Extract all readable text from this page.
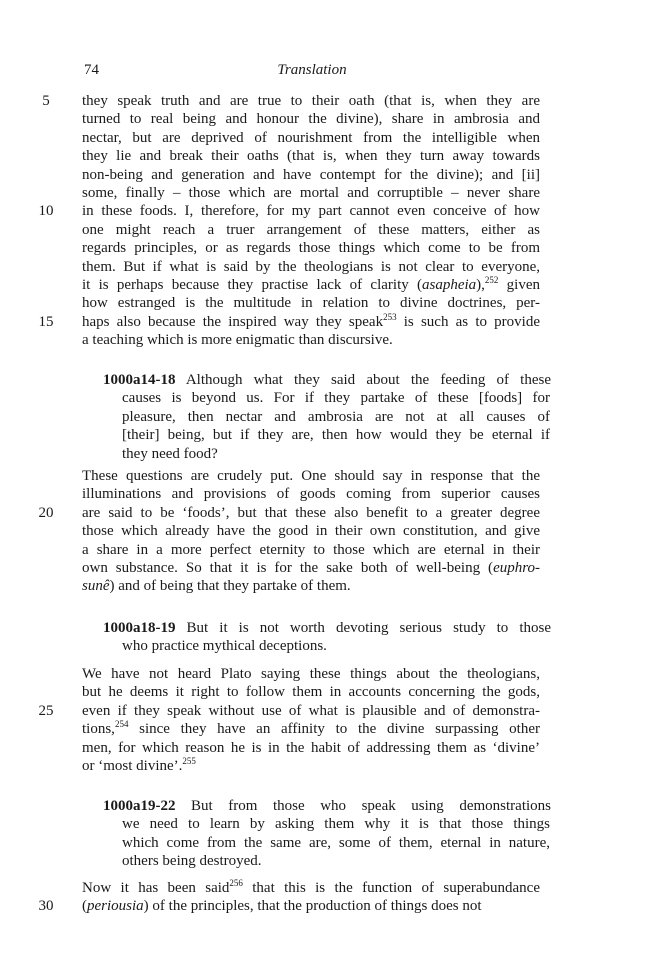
74	Translation
5	they speak truth and are true to their oath (that is, when they are
turned to real being and honour the divine), share in ambrosia and
nectar, but are deprived of nourishment from the intelligible when
they lie and break their oaths (that is, when they turn away towards
non-being and generation and have contempt for the divine); and [ii]
some, finally – those which are mortal and corruptible – never share
10	in these foods. I, therefore, for my part cannot even conceive of how
one might reach a truer arrangement of these matters, either as
regards principles, or as regards those things which come to be from
them. But if what is said by the theologians is not clear to everyone,
it is perhaps because they practise lack of clarity (asapheia),$^{252}$ given
how estranged is the multitude in relation to divine doctrines, per-
15	haps also because the inspired way they speak$^{253}$ is such as to provide
a teaching which is more enigmatic than discursive.
1000a14-18 Although what they said about the feeding of these
causes is beyond us. For if they partake of these [foods] for
pleasure, then nectar and ambrosia are not at all causes of
[their] being, but if they are, then how would they be eternal if
they need food?
These questions are crudely put. One should say in response that the
illuminations and provisions of goods coming from superior causes
20	are said to be ‘foods’, but that these also benefit to a greater degree
those which already have the good in their own constitution, and give
a share in a more perfect eternity to those which are eternal in their
own substance. So that it is for the sake both of well-being (euphro-
sunê) and of being that they partake of them.
1000a18-19 But it is not worth devoting serious study to those
who practice mythical deceptions.
We have not heard Plato saying these things about the theologians,
but he deems it right to follow them in accounts concerning the gods,
25	even if they speak without use of what is plausible and of demonstra-
tions,$^{254}$ since they have an affinity to the divine surpassing other
men, for which reason he is in the habit of addressing them as ‘divine’
or ‘most divine’.$^{255}$
1000a19-22 But from those who speak using demonstrations
we need to learn by asking them why it is that those things
which come from the same are, some of them, eternal in nature,
others being destroyed.
Now it has been said$^{256}$ that this is the function of superabundance
30	(periousia) of the principles, that the production of things does not
